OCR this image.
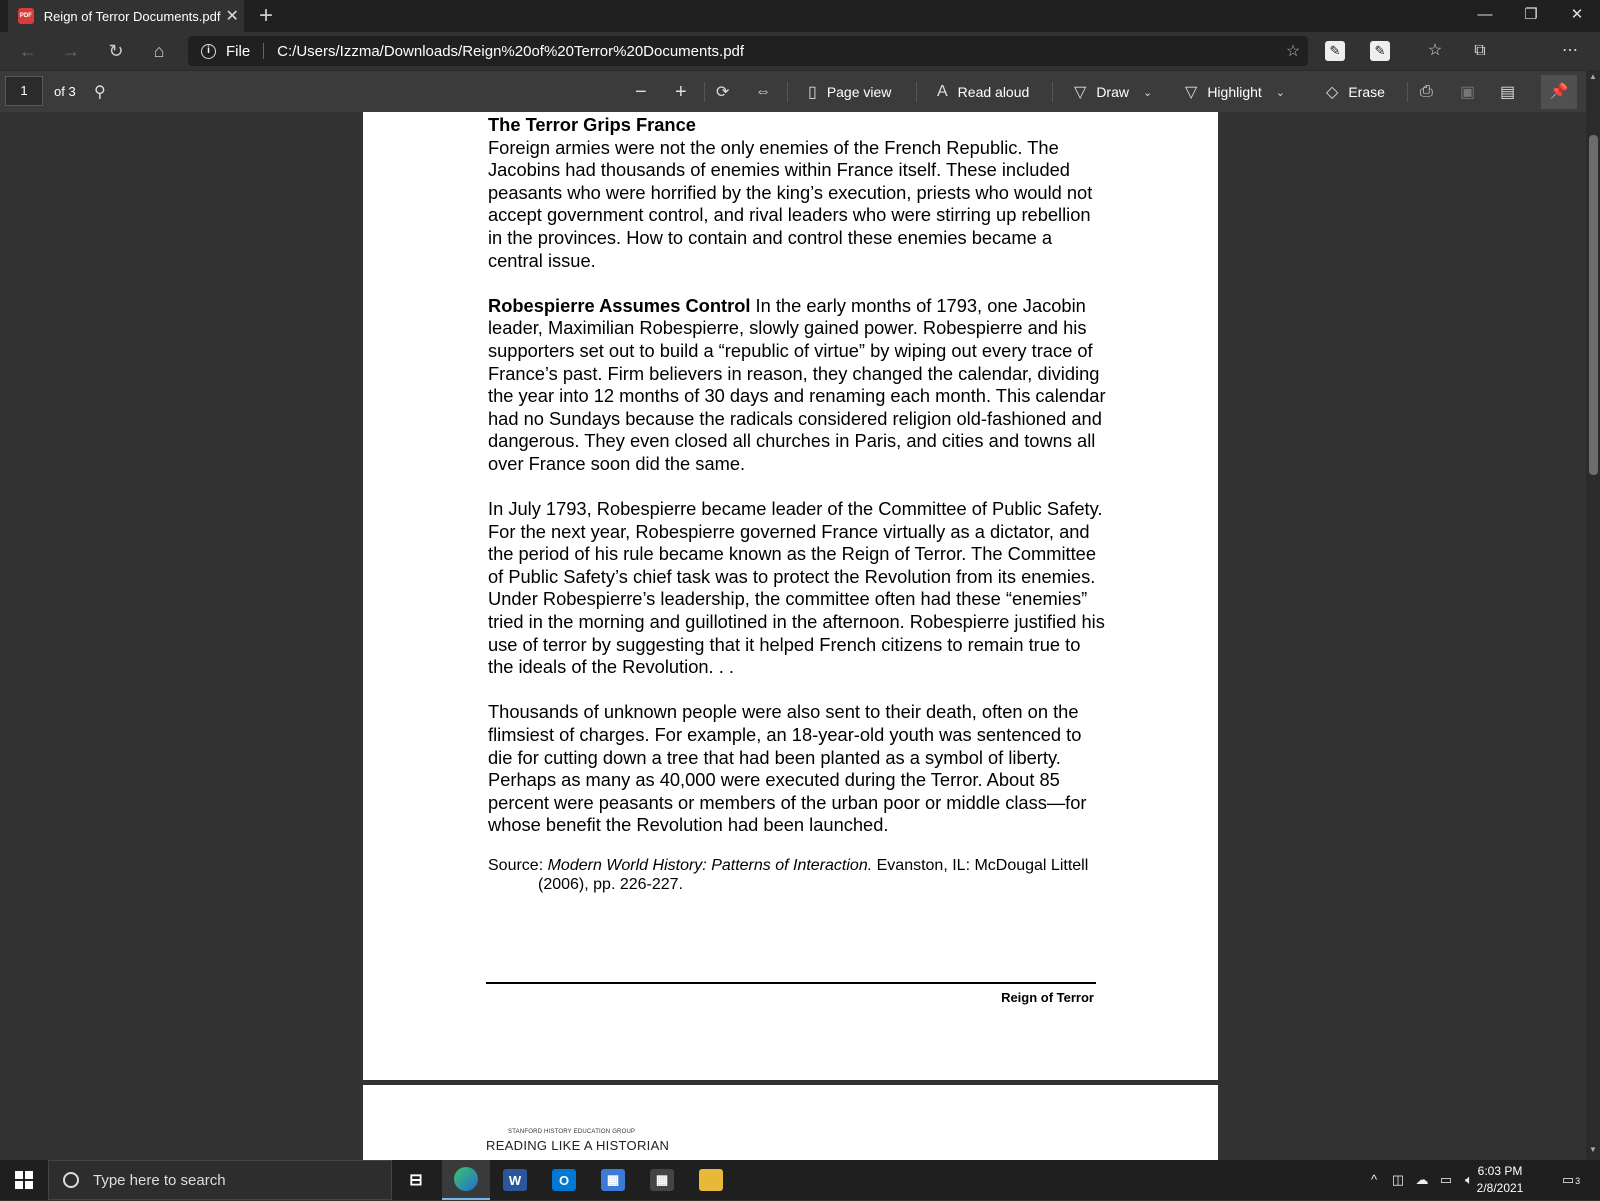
PDF Reign of Terror Documents.pdf ✕ +	—	❐	✕
←	→	↻	⌂	i	File C:/Users/Izzma/Downloads/Reign%20of%20Terror%20Documents.pdf	☆	✎	✎	☆	⧉	⋯
1	of 3 ⚲	− + ⟳ ⇔ ▯ Page view	A Read aloud	▽ Draw ⌄ ▽ Highlight ⌄	◇ Erase ⎙ ▣ ▤	📌
The Terror Grips France

Foreign armies were not the only enemies of the French Republic. The Jacobins had thousands of enemies within France itself. These included peasants who were horrified by the king’s execution, priests who would not accept government control, and rival leaders who were stirring up rebellion in the provinces. How to contain and control these enemies became a central issue.

Robespierre Assumes Control In the early months of 1793, one Jacobin leader, Maximilian Robespierre, slowly gained power. Robespierre and his supporters set out to build a “republic of virtue” by wiping out every trace of France’s past. Firm believers in reason, they changed the calendar, dividing the year into 12 months of 30 days and renaming each month. This calendar had no Sundays because the radicals considered religion old-fashioned and dangerous. They even closed all churches in Paris, and cities and towns all over France soon did the same.

In July 1793, Robespierre became leader of the Committee of Public Safety. For the next year, Robespierre governed France virtually as a dictator, and the period of his rule became known as the Reign of Terror. The Committee of Public Safety’s chief task was to protect the Revolution from its enemies. Under Robespierre’s leadership, the committee often had these “enemies” tried in the morning and guillotined in the afternoon. Robespierre justified his use of terror by suggesting that it helped French citizens to remain true to the ideals of the Revolution. . .

Thousands of unknown people were also sent to their death, often on the flimsiest of charges. For example, an 18-year-old youth was sentenced to die for cutting down a tree that had been planted as a symbol of liberty. Perhaps as many as 40,000 were executed during the Terror. About 85 percent were peasants or members of the urban poor or middle class—for whose benefit the Revolution had been launched.

Source: Modern World History: Patterns of Interaction. Evanston, IL: McDougal Littell (2006), pp. 226-227.
Reign of Terror
STANFORD HISTORY EDUCATION GROUP
READING LIKE A HISTORIAN
▲
▼
Type here to search	⊟	W	O	▦	▦	^	◫ ☁ ▭ 🔈︎
6:03 PM
2/8/2021
▭3
